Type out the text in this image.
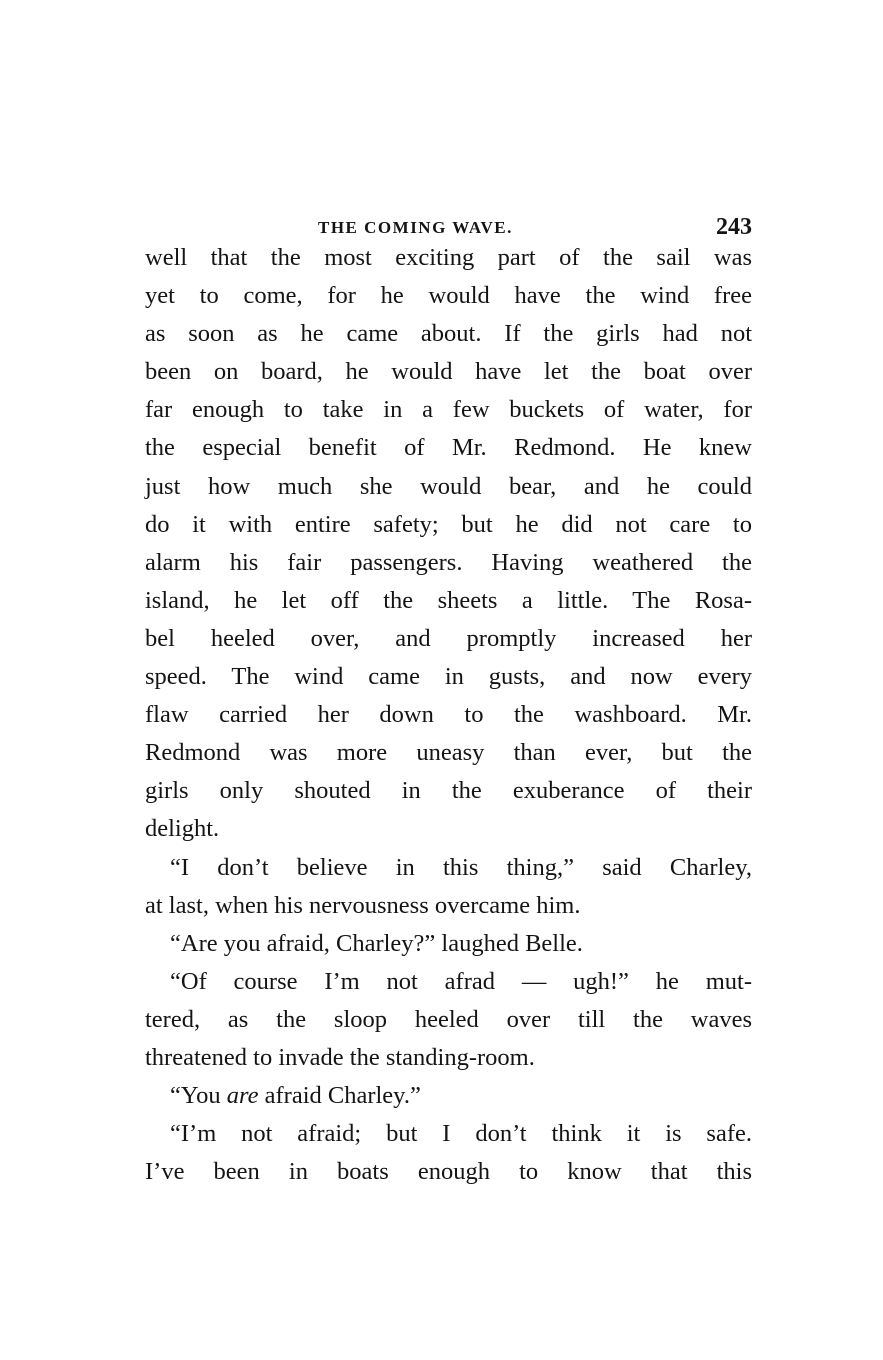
THE COMING WAVE.	243
well that the most exciting part of the sail was
yet to come, for he would have the wind free
as soon as he came about. If the girls had not
been on board, he would have let the boat over
far enough to take in a few buckets of water, for
the especial benefit of Mr. Redmond. He knew
just how much she would bear, and he could
do it with entire safety; but he did not care to
alarm his fair passengers. Having weathered the
island, he let off the sheets a little. The Rosa-
bel heeled over, and promptly increased her
speed. The wind came in gusts, and now every
flaw carried her down to the washboard. Mr.
Redmond was more uneasy than ever, but the
girls only shouted in the exuberance of their
delight.
“I don’t believe in this thing,” said Charley,
at last, when his nervousness overcame him.
“Are you afraid, Charley?” laughed Belle.
“Of course I’m not afrad — ugh!” he mut-
tered, as the sloop heeled over till the waves
threatened to invade the standing-room.
“You are afraid Charley.”
“I’m not afraid; but I don’t think it is safe.
I’ve been in boats enough to know that this
